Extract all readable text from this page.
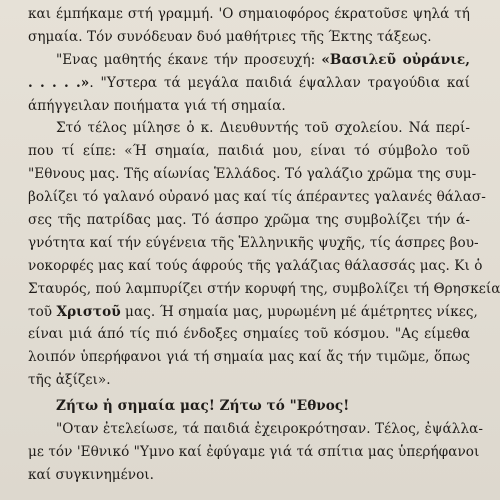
και έμπήκαμε στή γραμμή. 'Ο σημαιοφόρος έκρατοῦσε ψηλά τή
σημαία. Τόν συνόδευαν δυό μαθήτριες τῆς Έκτης τάξεως.
"Ενας μαθητής έκανε τήν προσευχή: «Βασιλεῦ οὐράνιε,
. . . . .». "Υστερα τά μεγάλα παιδιά έψαλλαν τραγούδια καί
άπήγγειλαν ποιήματα γιά τή σημαία.
Στό τέλος μίλησε ὁ κ. Διευθυντής τοῦ σχολείου. Νά περί-
που τί είπε: «Ή σημαία, παιδιά μου, είναι τό σύμβολο τοῦ
"Εθνους μας. Τῆς αίωνίας Ἑλλάδος. Τό γαλάζιο χρῶμα της συμ-
βολίζει τό γαλανό οὐρανό μας καί τίς άπέραντες γαλανές θάλασ-
σες τῆς πατρίδας μας. Τό άσπρο χρῶμα της συμβολίζει τήν ά-
γνότητα καί τήν εύγένεια τῆς Ἑλληνικῆς ψυχῆς, τίς άσπρες βου-
νοκορφές μας καί τούς άφρούς τῆς γαλάζιας θάλασσάς μας. Κι ὁ
Σταυρός, πού λαμπυρίζει στήν κορυφή της, συμβολίζει τή Θρησκεία
τοῦ Χριστοῦ μας. Ή σημαία μας, μυρωμένη μέ άμέτρητες νίκες,
είναι μιά άπό τίς πιό ένδοξες σημαίες τοῦ κόσμου. "Ας είμεθα
λοιπόν ὑπερήφανοι γιά τή σημαία μας καί ἄς τήν τιμῶμε, ὅπως
τῆς ἀξίζει».
Ζήτω ἡ σημαία μας! Ζήτω τό "Εθνος!
"Οταν ἐτελείωσε, τά παιδιά ἐχειροκρότησαν. Τέλος, ἐψάλλα-
με τόν 'Εθνικό "Υμνο καί ἐφύγαμε γιά τά σπίτια μας ὑπερήφανοι
καί συγκινημένοι.
